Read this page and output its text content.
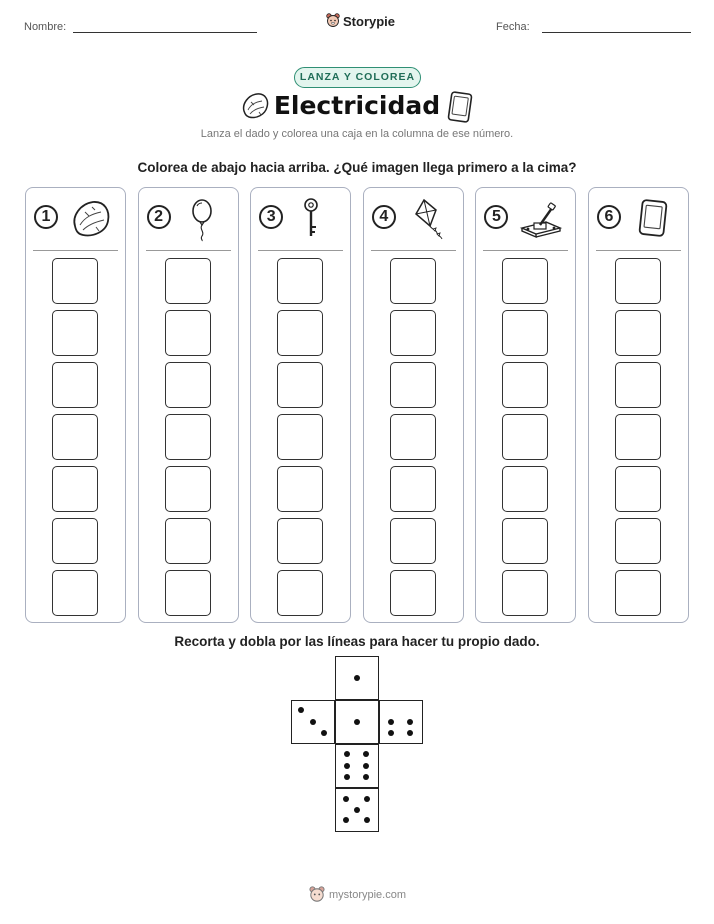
Nombre:	Storypie	Fecha:
LANZA Y COLOREA
Electricidad
Lanza el dado y colorea una caja en la columna de ese número.
Colorea de abajo hacia arriba. ¿Qué imagen llega primero a la cima?
1	2	3	4	5	6
Recorta y dobla por las líneas para hacer tu propio dado.
mystorypie.com
